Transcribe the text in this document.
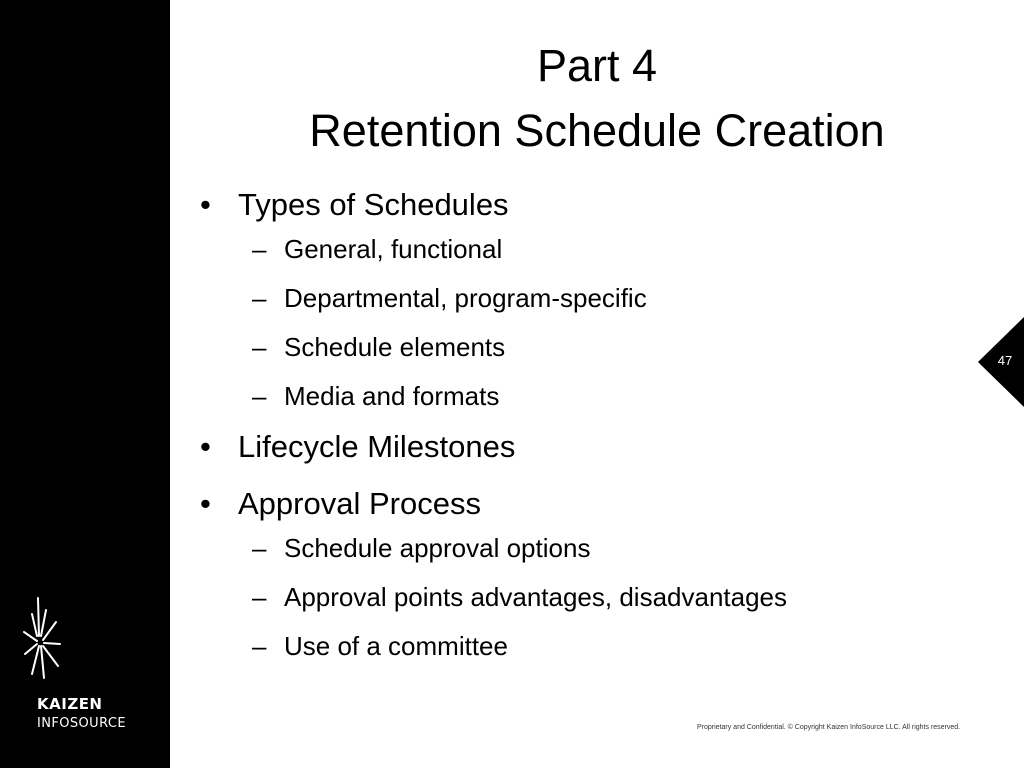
KAIZEN
INFOSOURCE
Part 4
Retention Schedule Creation
• Types of Schedules
– General, functional
– Departmental, program-specific
– Schedule elements
– Media and formats
• Lifecycle Milestones
• Approval Process
– Schedule approval options
– Approval points advantages, disadvantages
– Use of a committee
47
Proprietary and Confidential. © Copyright Kaizen InfoSource LLC. All rights reserved.
